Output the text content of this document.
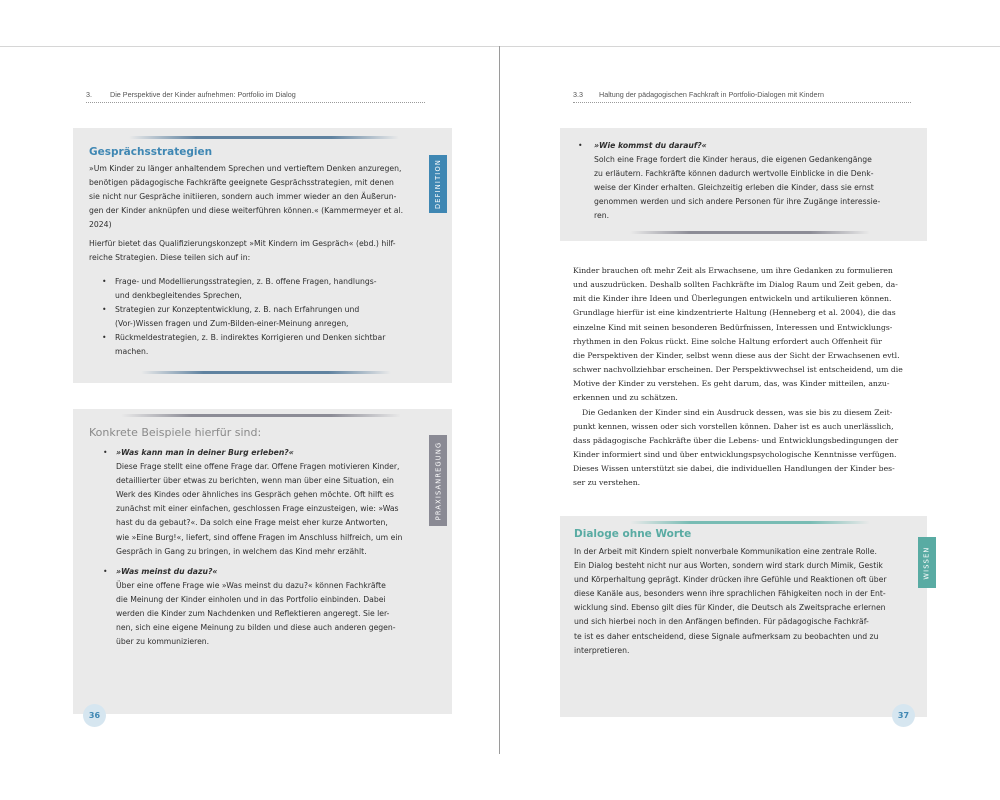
3.	Die Perspektive der Kinder aufnehmen: Portfolio im Dialog
Gesprächsstrategien

»Um Kinder zu länger anhaltendem Sprechen und vertieftem Denken anzuregen,

benötigen pädagogische Fachkräfte geeignete Gesprächsstrategien, mit denen

sie nicht nur Gespräche initiieren, sondern auch immer wieder an den Äußerun-

gen der Kinder anknüpfen und diese weiterführen können.« (Kammermeyer et al.

2024)

Hierfür bietet das Qualifizierungskonzept »Mit Kindern im Gespräch« (ebd.) hilf-

reiche Strategien. Diese teilen sich auf in:

• Frage- und Modellierungsstrategien, z. B. offene Fragen, handlungs-

und denkbegleitendes Sprechen,

• Strategien zur Konzeptentwicklung, z. B. nach Erfahrungen und

(Vor-)Wissen fragen und Zum-Bilden-einer-Meinung anregen,

• Rückmeldestrategien, z. B. indirektes Korrigieren und Denken sichtbar

machen.

DEFINITION
Konkrete Beispiele hierfür sind:

• »Was kann man in deiner Burg erleben?«

Diese Frage stellt eine offene Frage dar. Offene Fragen motivieren Kinder,

detaillierter über etwas zu berichten, wenn man über eine Situation, ein

Werk des Kindes oder ähnliches ins Gespräch gehen möchte. Oft hilft es

zunächst mit einer einfachen, geschlossen Frage einzusteigen, wie: »Was

hast du da gebaut?«. Da solch eine Frage meist eher kurze Antworten,

wie »Eine Burg!«, liefert, sind offene Fragen im Anschluss hilfreich, um ein

Gespräch in Gang zu bringen, in welchem das Kind mehr erzählt.

• »Was meinst du dazu?«

Über eine offene Frage wie »Was meinst du dazu?« können Fachkräfte

die Meinung der Kinder einholen und in das Portfolio einbinden. Dabei

werden die Kinder zum Nachdenken und Reflektieren angeregt. Sie ler-

nen, sich eine eigene Meinung zu bilden und diese auch anderen gegen-

über zu kommunizieren.

PRAXISANREGUNG
36
3.3 Haltung der pädagogischen Fachkraft in Portfolio-Dialogen mit Kindern

• »Wie kommst du darauf?«

Solch eine Frage fordert die Kinder heraus, die eigenen Gedankengänge

zu erläutern. Fachkräfte können dadurch wertvolle Einblicke in die Denk-

weise der Kinder erhalten. Gleichzeitig erleben die Kinder, dass sie ernst

genommen werden und sich andere Personen für ihre Zugänge interessie-

ren.

Kinder brauchen oft mehr Zeit als Erwachsene, um ihre Gedanken zu formulieren

und auszudrücken. Deshalb sollten Fachkräfte im Dialog Raum und Zeit geben, da-

mit die Kinder ihre Ideen und Überlegungen entwickeln und artikulieren können.

Grundlage hierfür ist eine kindzentrierte Haltung (Henneberg et al. 2004), die das

einzelne Kind mit seinen besonderen Bedürfnissen, Interessen und Entwicklungs-

rhythmen in den Fokus rückt. Eine solche Haltung erfordert auch Offenheit für

die Perspektiven der Kinder, selbst wenn diese aus der Sicht der Erwachsenen evtl.

schwer nachvollziehbar erscheinen. Der Perspektivwechsel ist entscheidend, um die

Motive der Kinder zu verstehen. Es geht darum, das, was Kinder mitteilen, anzu-

erkennen und zu schätzen.

Die Gedanken der Kinder sind ein Ausdruck dessen, was sie bis zu diesem Zeit-

punkt kennen, wissen oder sich vorstellen können. Daher ist es auch unerlässlich,

dass pädagogische Fachkräfte über die Lebens- und Entwicklungsbedingungen der

Kinder informiert sind und über entwicklungspsychologische Kenntnisse verfügen.

Dieses Wissen unterstützt sie dabei, die individuellen Handlungen der Kinder bes-

ser zu verstehen.

Dialoge ohne Worte

In der Arbeit mit Kindern spielt nonverbale Kommunikation eine zentrale Rolle.

Ein Dialog besteht nicht nur aus Worten, sondern wird stark durch Mimik, Gestik

und Körperhaltung geprägt. Kinder drücken ihre Gefühle und Reaktionen oft über

diese Kanäle aus, besonders wenn ihre sprachlichen Fähigkeiten noch in der Ent-

wicklung sind. Ebenso gilt dies für Kinder, die Deutsch als Zweitsprache erlernen

und sich hierbei noch in den Anfängen befinden. Für pädagogische Fachkräf-

te ist es daher entscheidend, diese Signale aufmerksam zu beobachten und zu

interpretieren.

WISSEN
37
